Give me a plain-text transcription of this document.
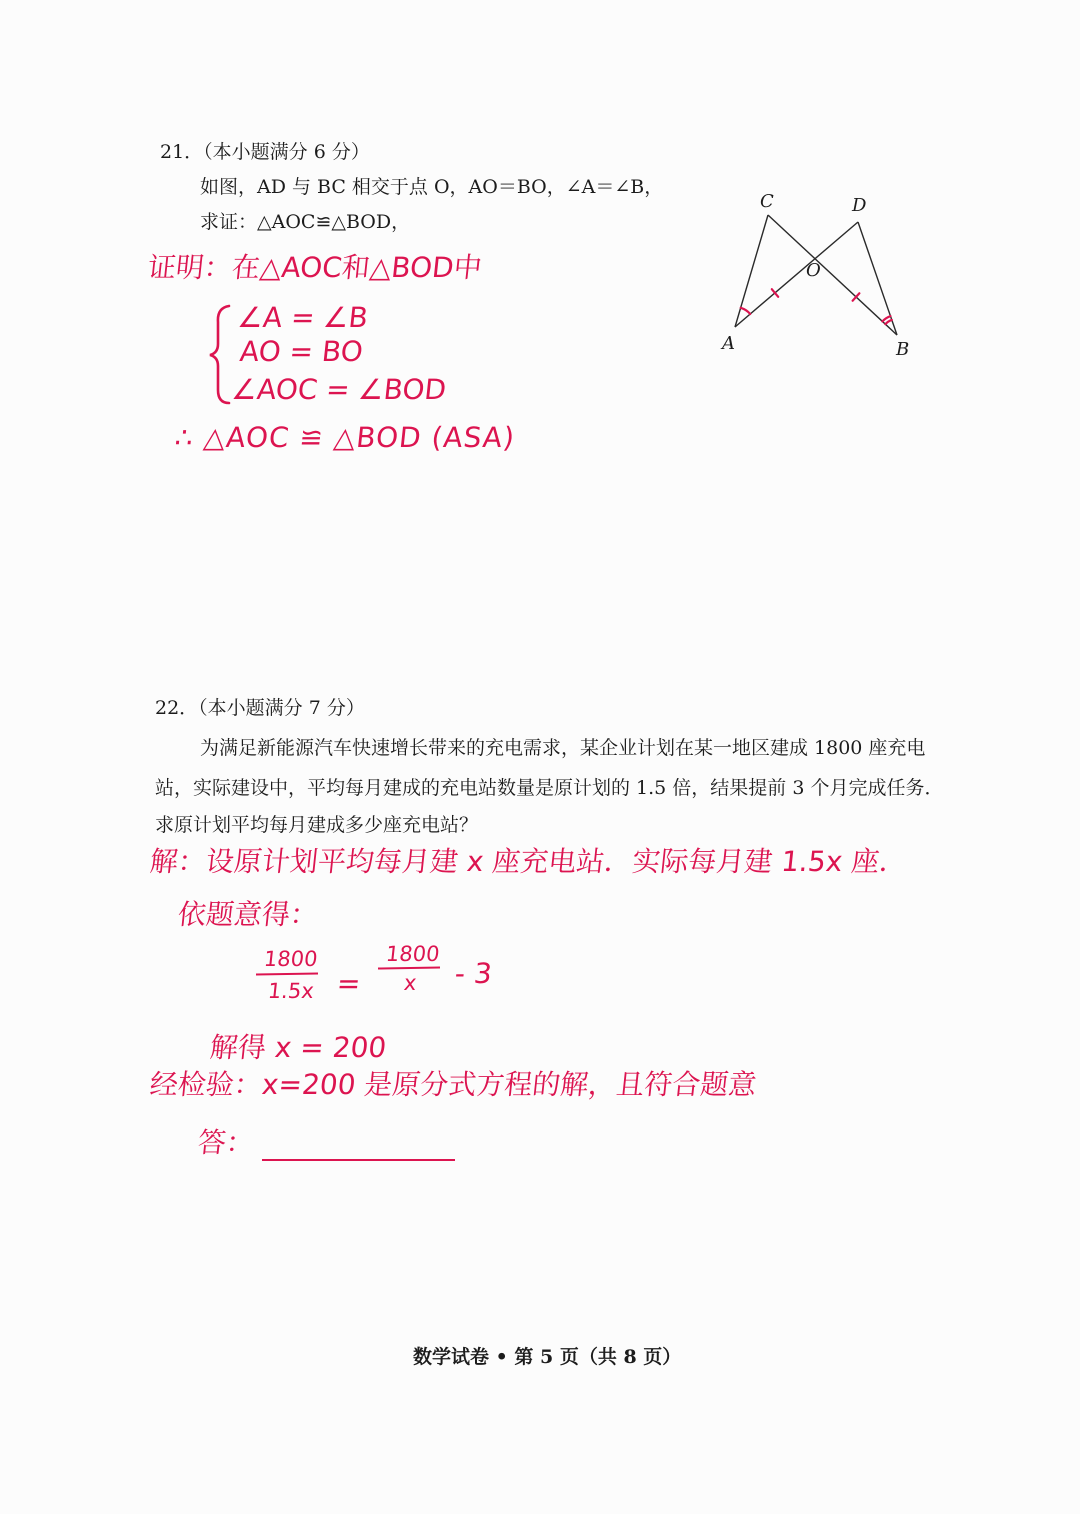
21．（本小题满分 6 分）
如图，AD 与 BC 相交于点 O，AO＝BO，∠A＝∠B，
求证：△AOC≌△BOD，
C	D
O
A	B
证明：在△AOC和△BOD中
∠A = ∠B
AO = BO
∠AOC = ∠BOD
∴ △AOC ≌ △BOD (ASA)
22．（本小题满分 7 分）
为满足新能源汽车快速增长带来的充电需求，某企业计划在某一地区建成 1800 座充电
站，实际建设中，平均每月建成的充电站数量是原计划的 1.5 倍，结果提前 3 个月完成任务．
求原计划平均每月建成多少座充电站？
解：设原计划平均每月建 x 座充电站．实际每月建 1.5x 座．
依题意得：
1800
1.5x =
1800
x - 3
解得 x = 200
经检验：x=200 是原分式方程的解，且符合题意
答：
数学试卷 • 第 5 页（共 8 页）
